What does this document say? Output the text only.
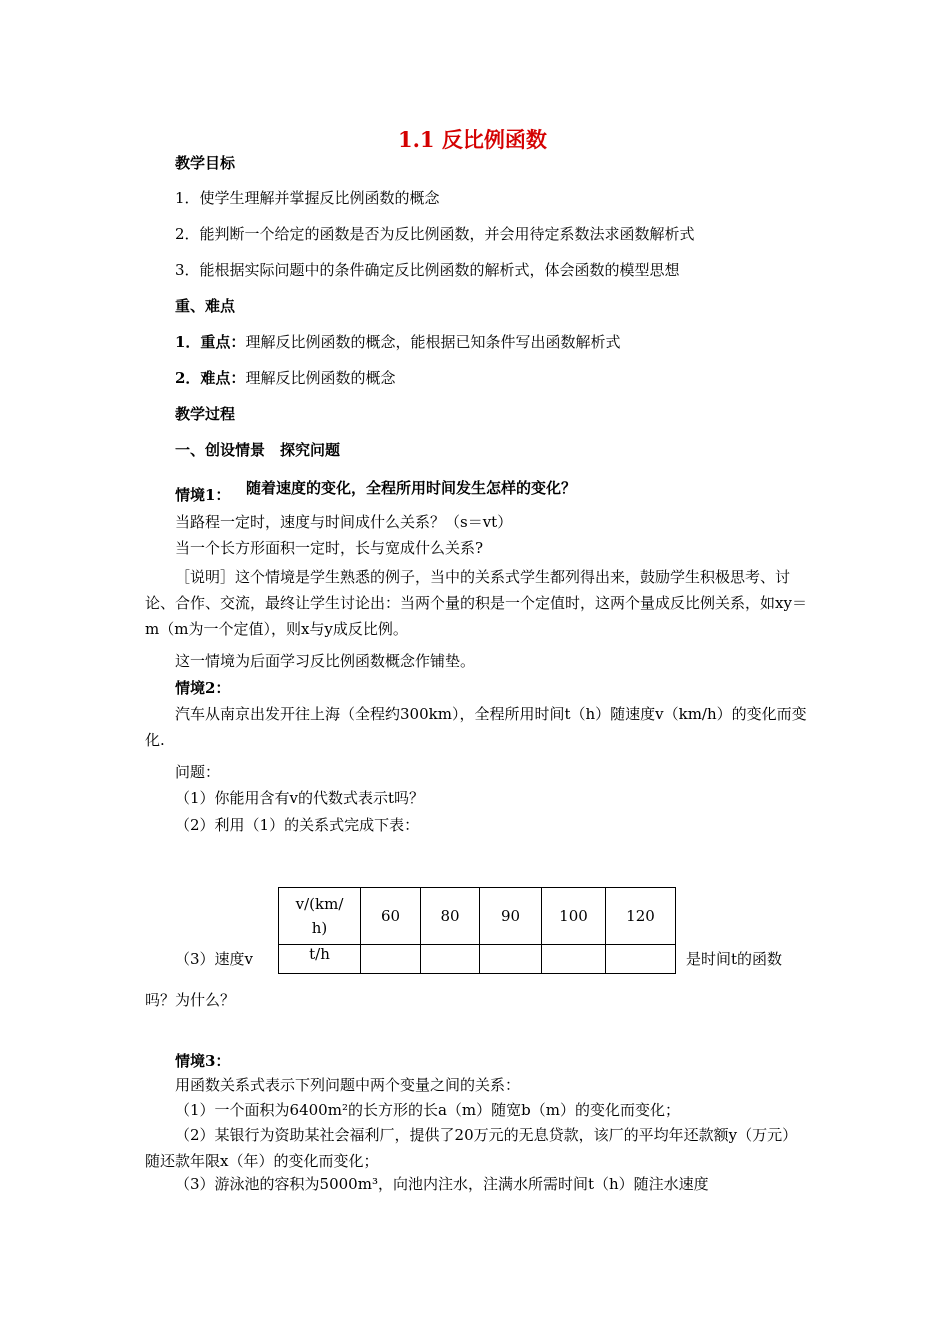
1.1 反比例函数
教学目标
1．使学生理解并掌握反比例函数的概念
2．能判断一个给定的函数是否为反比例函数，并会用待定系数法求函数解析式
3．能根据实际问题中的条件确定反比例函数的解析式，体会函数的模型思想
重、难点
1．重点：理解反比例函数的概念，能根据已知条件写出函数解析式
2．难点：理解反比例函数的概念
教学过程
一、创设情景　探究问题
情境1： 随着速度的变化，全程所用时间发生怎样的变化？
当路程一定时，速度与时间成什么关系？（s＝vt）
当一个长方形面积一定时，长与宽成什么关系?
［说明］这个情境是学生熟悉的例子，当中的关系式学生都列得出来，鼓励学生积极思考、讨论、合作、交流，最终让学生讨论出：当两个量的积是一个定值时，这两个量成反比例关系，如xy＝m（m为一个定值），则x与y成反比例。
这一情境为后面学习反比例函数概念作铺垫。
情境2：
汽车从南京出发开往上海（全程约300km），全程所用时间t（h）随速度v（km/h）的变化而变化.
问题：
（1）你能用含有v的代数式表示t吗？
（2）利用（1）的关系式完成下表：
v/(km/
h)	60	80	90	100	120
t/h					
（3）速度v	是时间t的函数
吗？为什么？
情境3：
用函数关系式表示下列问题中两个变量之间的关系：
（1）一个面积为6400m²的长方形的长a（m）随宽b（m）的变化而变化；
（2）某银行为资助某社会福利厂，提供了20万元的无息贷款，该厂的平均年还款额y（万元）随还款年限x（年）的变化而变化；
（3）游泳池的容积为5000m³，向池内注水，注满水所需时间t（h）随注水速度
